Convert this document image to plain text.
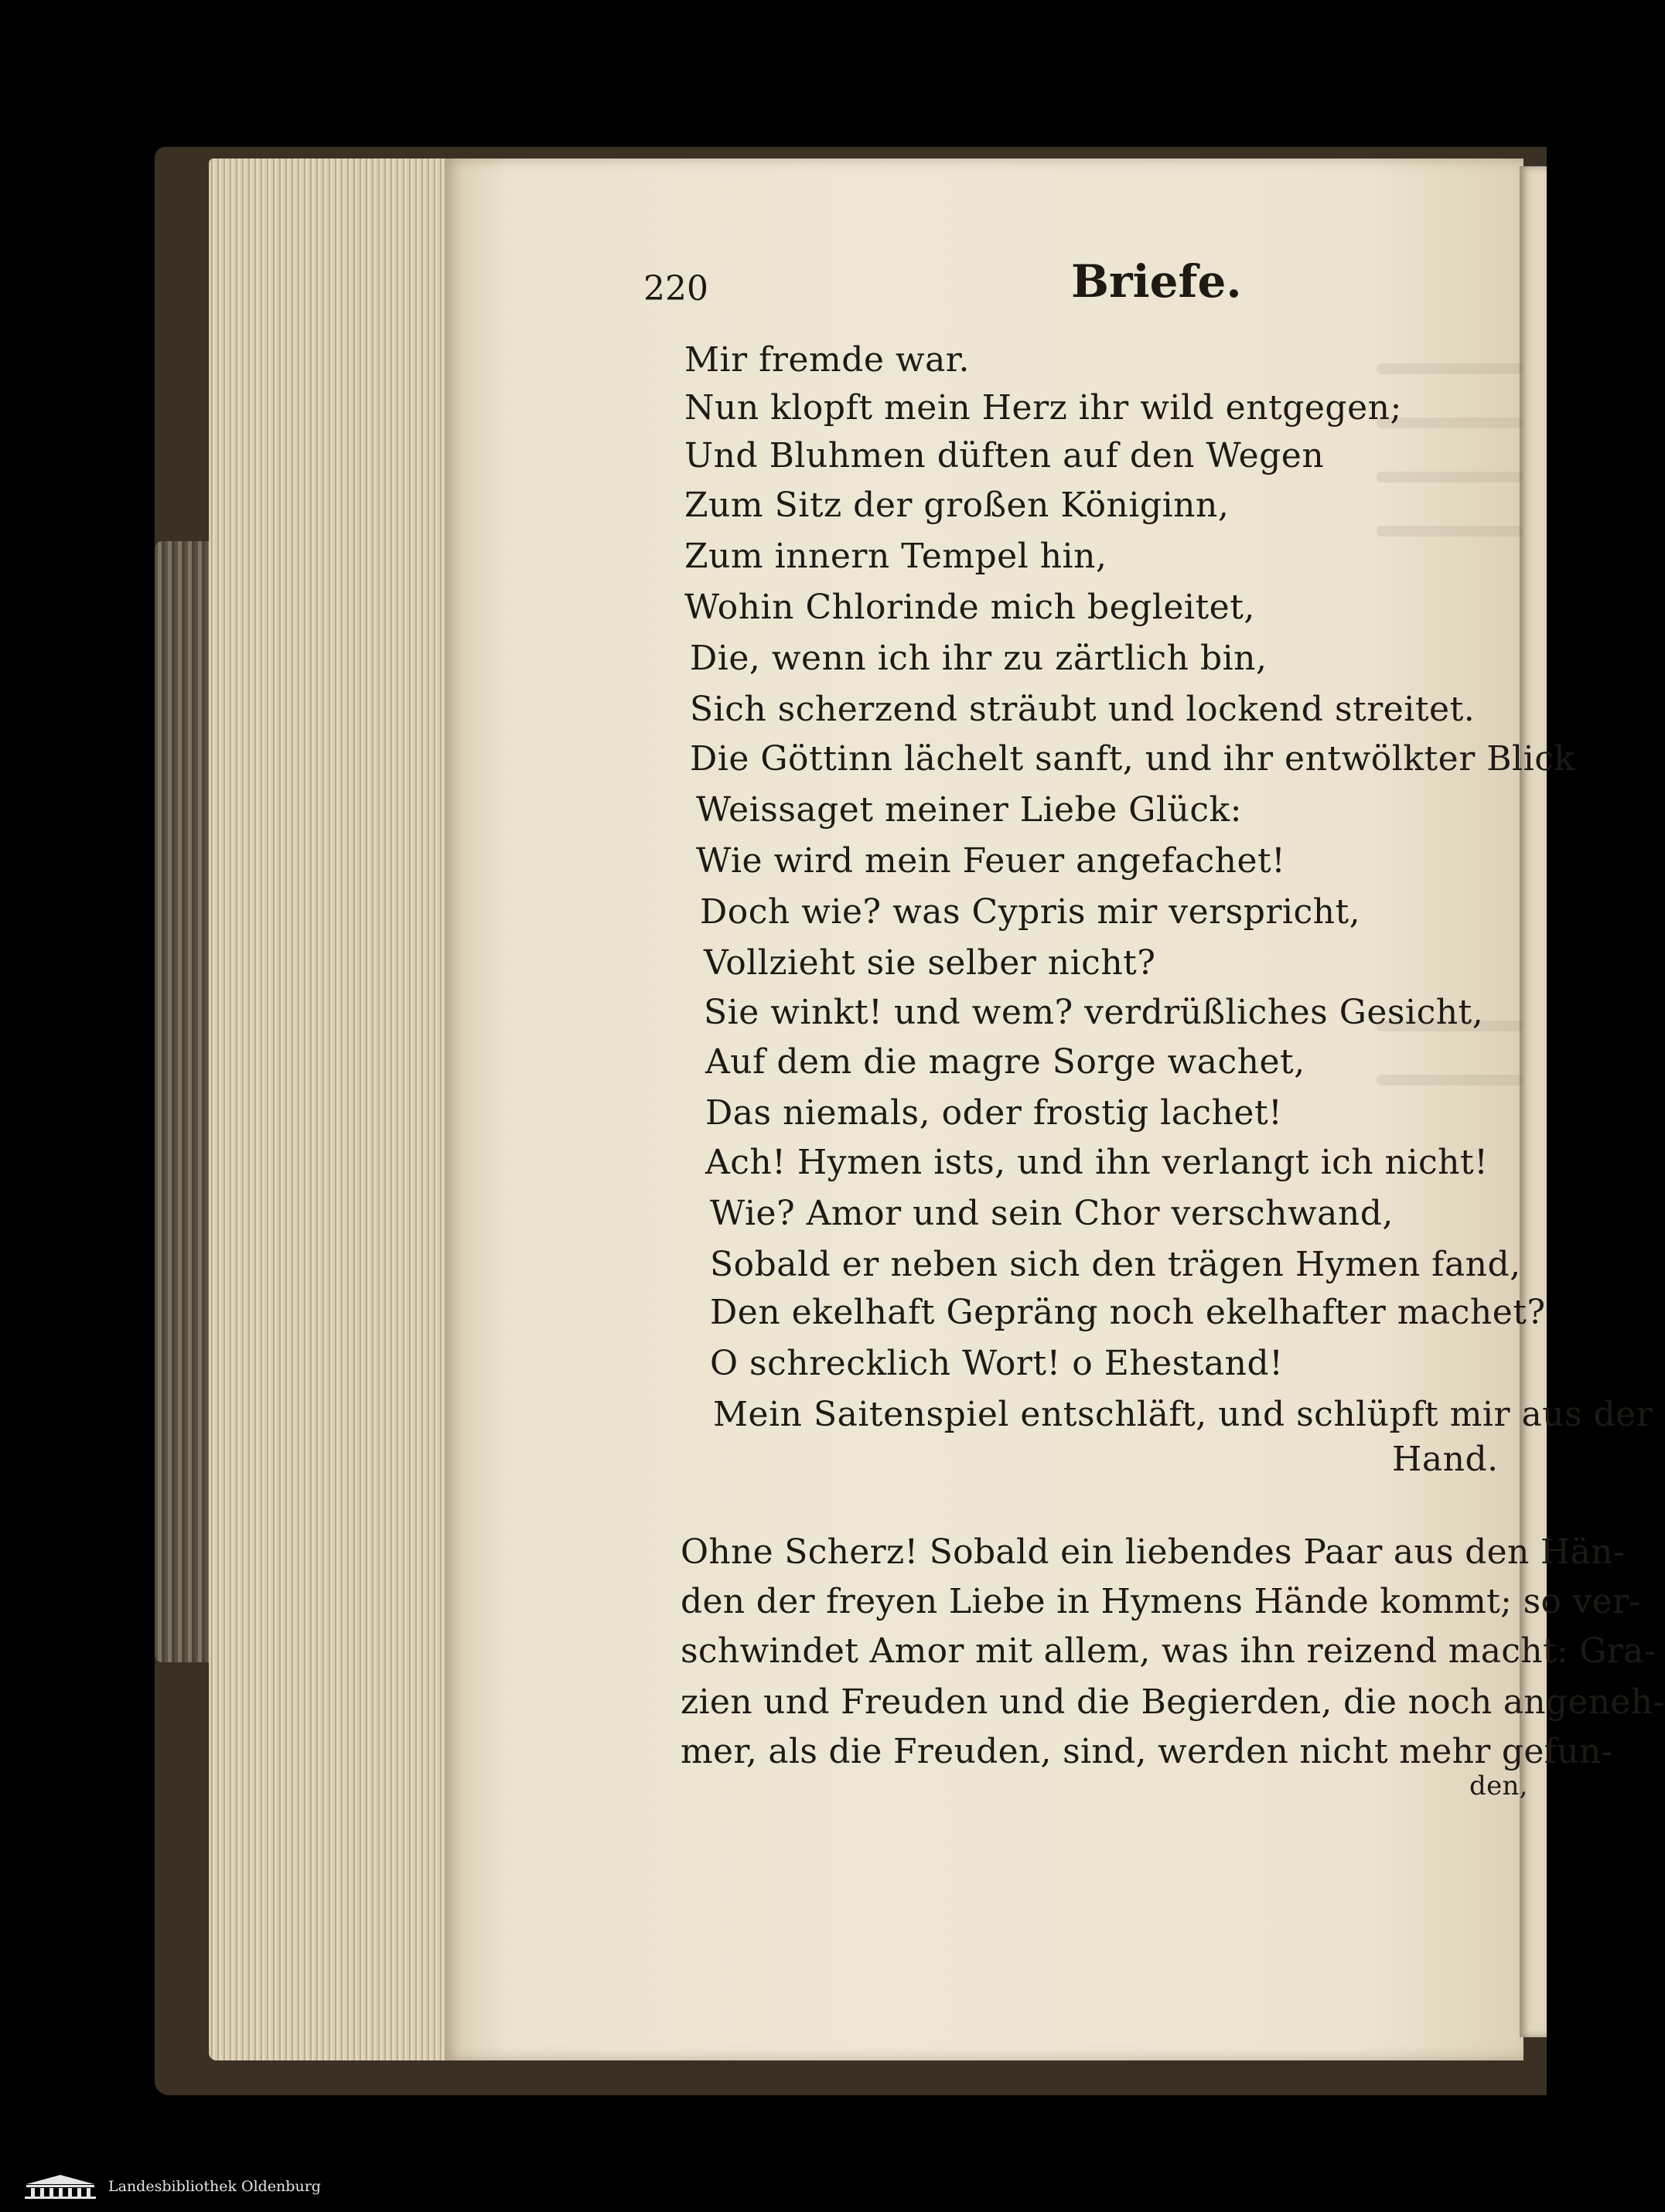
220	Briefe.
Mir fremde war.
Nun klopft mein Herz ihr wild entgegen;
Und Bluhmen düften auf den Wegen
Zum Sitz der großen Königinn,
Zum innern Tempel hin,
Wohin Chlorinde mich begleitet,
Die, wenn ich ihr zu zärtlich bin,
Sich scherzend sträubt und lockend streitet.
Die Göttinn lächelt sanft, und ihr entwölkter Blick
Weissaget meiner Liebe Glück:
Wie wird mein Feuer angefachet!
Doch wie? was Cypris mir verspricht,
Vollzieht sie selber nicht?
Sie winkt! und wem? verdrüßliches Gesicht,
Auf dem die magre Sorge wachet,
Das niemals, oder frostig lachet!
Ach! Hymen ists, und ihn verlangt ich nicht!
Wie? Amor und sein Chor verschwand,
Sobald er neben sich den trägen Hymen fand,
Den ekelhaft Gepräng noch ekelhafter machet?
O schrecklich Wort! o Ehestand!
Mein Saitenspiel entschläft, und schlüpft mir aus der
Hand.
Ohne Scherz! Sobald ein liebendes Paar aus den Hän-
den der freyen Liebe in Hymens Hände kommt; so ver-
schwindet Amor mit allem, was ihn reizend macht: Gra-
zien und Freuden und die Begierden, die noch angeneh-
mer, als die Freuden, sind, werden nicht mehr gefun-
den,
Landesbibliothek Oldenburg
